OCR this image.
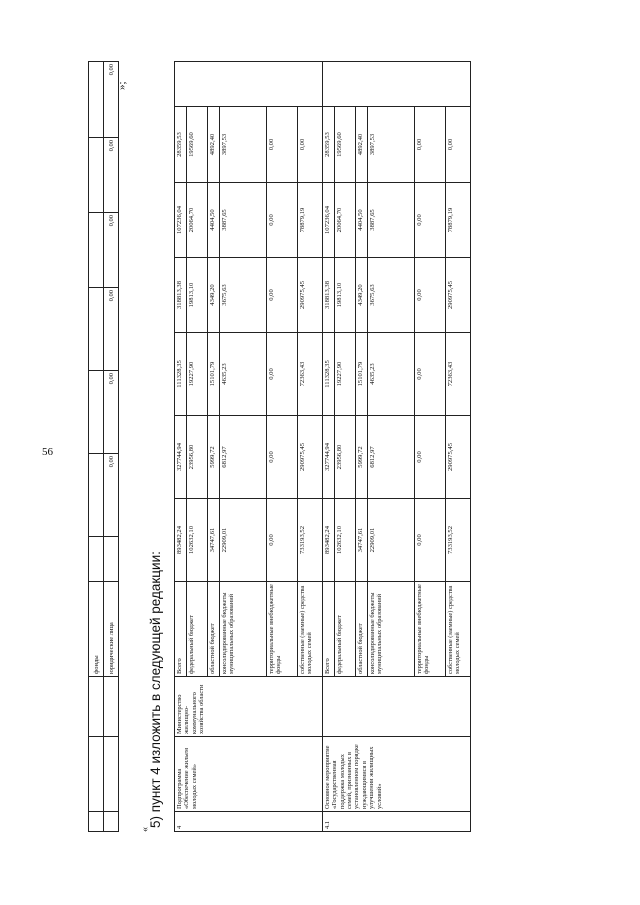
56
			фонды							
			юридические лица		0,00	0,00	0,00	0,00	0,00	0,00
»;
«
5) пункт 4 изложить в следующей редакции: 4	Подпрограмма «Обеспечение жильем молодых семей»	Министерство жилищно-коммунального хозяйства области	Всего	893482,24	327744,94	111328,35	318813,38	107236,04	28359,53	
			федеральный бюджет	102632,10	23956,80	19227,90	19813,10	20064,70	19569,60	
			областной бюджет	34747,61	5999,72	15101,79	4349,20	4404,50	4892,40	
			консолидированные бюджеты муниципальных образований	22909,01	6812,97	4635,23	3675,63	3887,65	3897,53	
			территориальные внебюджетные фонды	0,00	0,00	0,00	0,00	0,00	0,00	
			собственные (заемные) средства молодых семей	733193,52	290975,45	72363,43	290975,45	78879,19	0,00	
4.1	Основное мероприятие «Государственная поддержка молодых семей, признанных в установленном порядке нуждающимися в улучшении жилищных условий»		Всего	893482,24	327744,94	111328,35	318813,38	107236,04	28359,53	
			федеральный бюджет	102632,10	23956,80	19227,90	19813,10	20064,70	19569,60	
			областной бюджет	34747,61	5999,72	15101,79	4349,20	4404,50	4892,40	
			консолидированные бюджеты муниципальных образований	22909,01	6812,97	4635,23	3675,63	3887,65	3897,53	
			территориальные внебюджетные фонды	0,00	0,00	0,00	0,00	0,00	0,00	
			собственные (заемные) средства молодых семей	733193,52	290975,45	72363,43	290975,45	78879,19	0,00	
